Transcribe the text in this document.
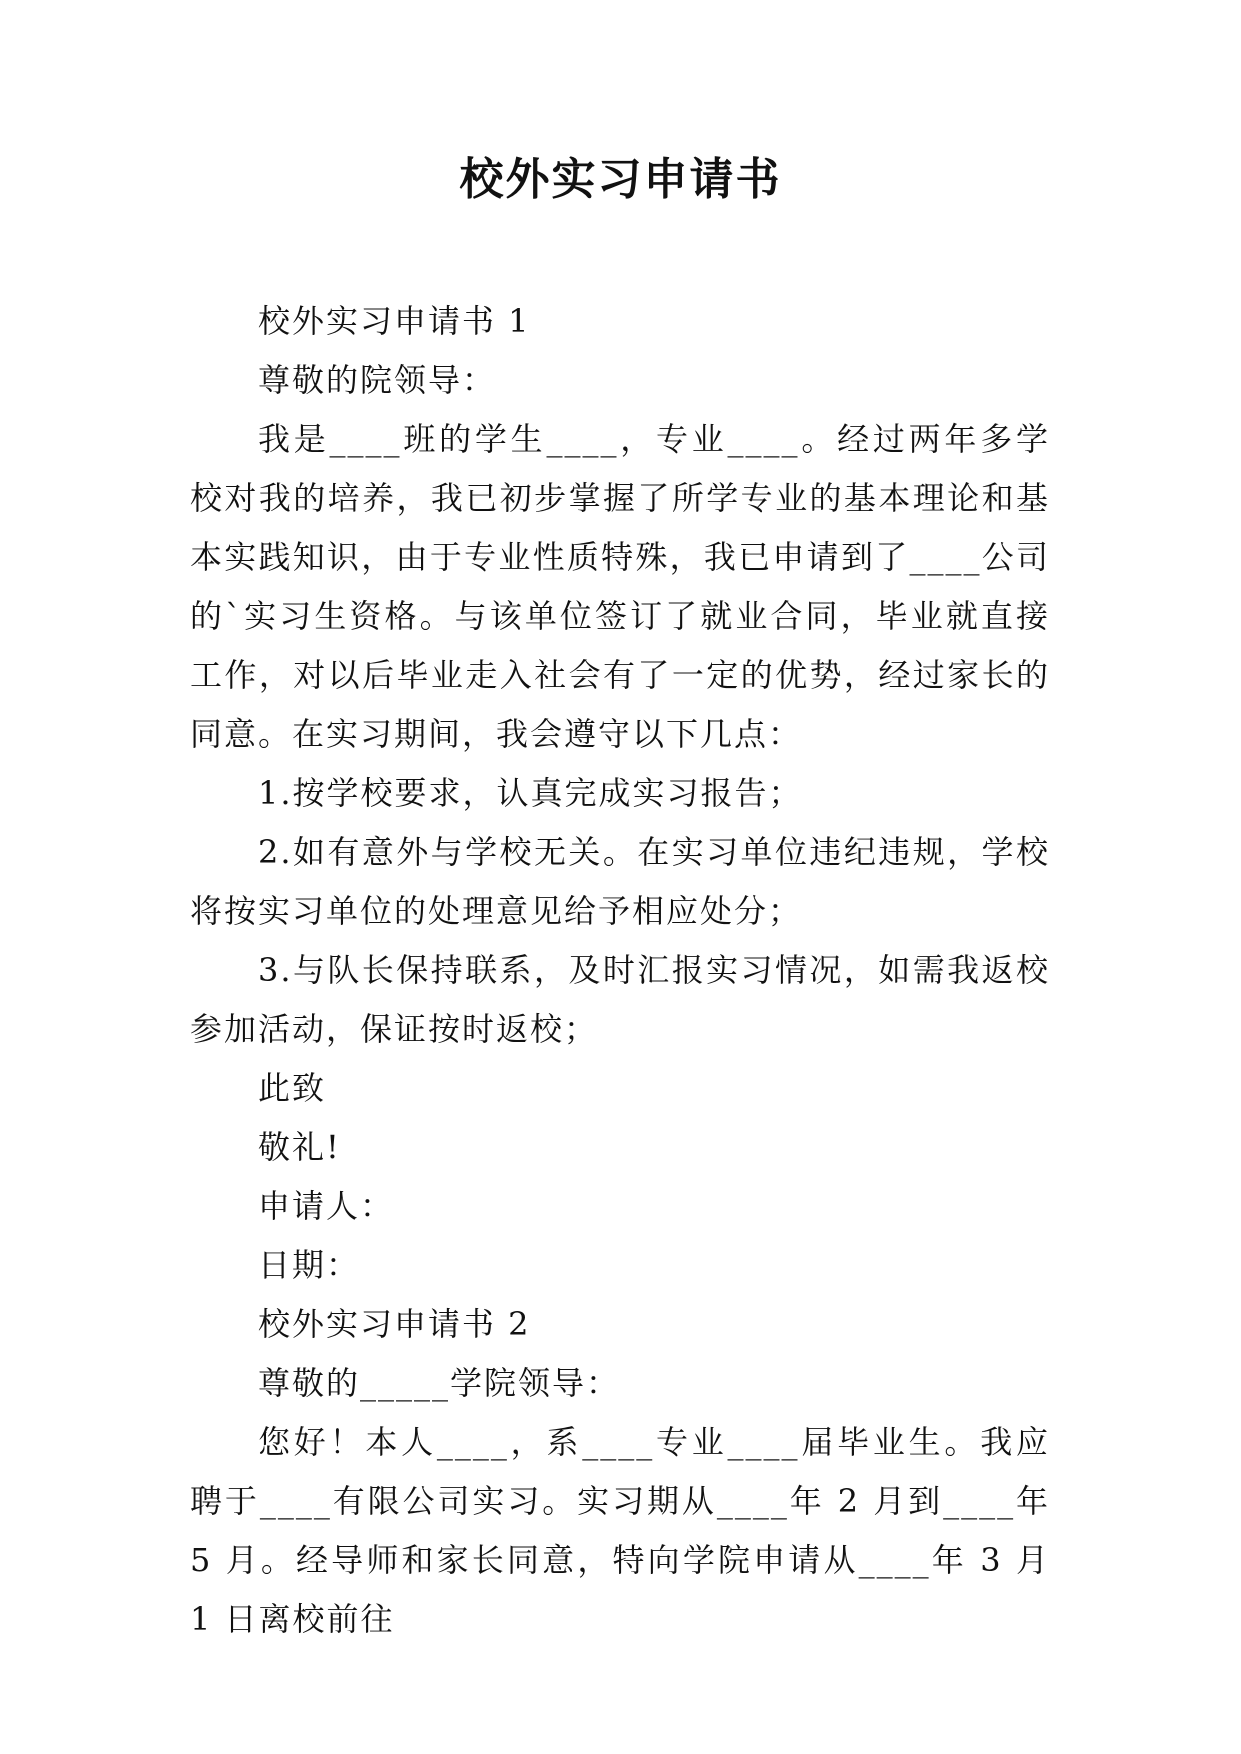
校外实习申请书

校外实习申请书 1

尊敬的院领导：

我是____班的学生____，专业____。经过两年多学校对我的培养，我已初步掌握了所学专业的基本理论和基本实践知识，由于专业性质特殊，我已申请到了____公司的`实习生资格。与该单位签订了就业合同，毕业就直接工作，对以后毕业走入社会有了一定的优势，经过家长的同意。在实习期间，我会遵守以下几点：

1.按学校要求，认真完成实习报告；

2.如有意外与学校无关。在实习单位违纪违规，学校将按实习单位的处理意见给予相应处分；

3.与队长保持联系，及时汇报实习情况，如需我返校参加活动，保证按时返校；

此致

敬礼!

申请人：

日期：

校外实习申请书 2

尊敬的_____学院领导：

您好！本人____，系____专业____届毕业生。我应聘于____有限公司实习。实习期从____年 2 月到____年 5 月。经导师和家长同意，特向学院申请从____年 3 月 1 日离校前往
